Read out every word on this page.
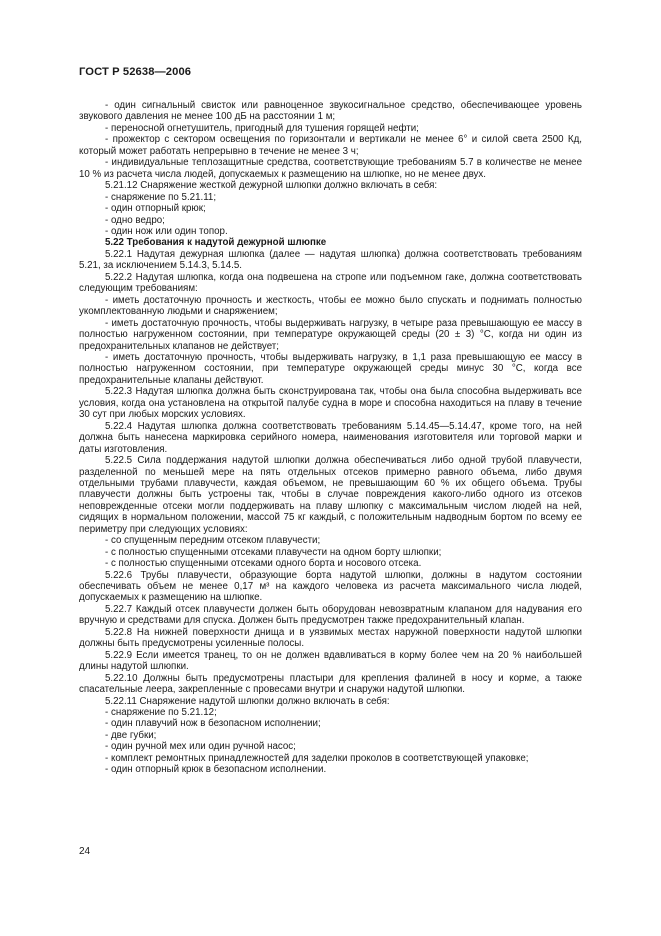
ГОСТ Р 52638—2006

- один сигнальный свисток или равноценное звукосигнальное средство, обеспечивающее уровень звукового давления не менее 100 дБ на расстоянии 1 м;

- переносной огнетушитель, пригодный для тушения горящей нефти;

- прожектор с сектором освещения по горизонтали и вертикали не менее 6° и силой света 2500 Кд, который может работать непрерывно в течение не менее 3 ч;

- индивидуальные теплозащитные средства, соответствующие требованиям 5.7 в количестве не менее 10 % из расчета числа людей, допускаемых к размещению на шлюпке, но не менее двух.

5.21.12 Снаряжение жесткой дежурной шлюпки должно включать в себя:

- снаряжение по 5.21.11;

- один отпорный крюк;

- одно ведро;

- один нож или один топор.

5.22 Требования к надутой дежурной шлюпке

5.22.1 Надутая дежурная шлюпка (далее — надутая шлюпка) должна соответствовать требованиям 5.21, за исключением 5.14.3, 5.14.5.

5.22.2 Надутая шлюпка, когда она подвешена на стропе или подъемном гаке, должна соответствовать следующим требованиям:

- иметь достаточную прочность и жесткость, чтобы ее можно было спускать и поднимать полностью укомплектованную людьми и снаряжением;

- иметь достаточную прочность, чтобы выдерживать нагрузку, в четыре раза превышающую ее массу в полностью нагруженном состоянии, при температуре окружающей среды (20 ± 3) °С, когда ни один из предохранительных клапанов не действует;

- иметь достаточную прочность, чтобы выдерживать нагрузку, в 1,1 раза превышающую ее массу в полностью нагруженном состоянии, при температуре окружающей среды минус 30 °С, когда все предохранительные клапаны действуют.

5.22.3 Надутая шлюпка должна быть сконструирована так, чтобы она была способна выдерживать все условия, когда она установлена на открытой палубе судна в море и способна находиться на плаву в течение 30 сут при любых морских условиях.

5.22.4 Надутая шлюпка должна соответствовать требованиям 5.14.45—5.14.47, кроме того, на ней должна быть нанесена маркировка серийного номера, наименования изготовителя или торговой марки и даты изготовления.

5.22.5 Сила поддержания надутой шлюпки должна обеспечиваться либо одной трубой плавучести, разделенной по меньшей мере на пять отдельных отсеков примерно равного объема, либо двумя отдельными трубами плавучести, каждая объемом, не превышающим 60 % их общего объема. Трубы плавучести должны быть устроены так, чтобы в случае повреждения какого-либо одного из отсеков неповрежденные отсеки могли поддерживать на плаву шлюпку с максимальным числом людей на ней, сидящих в нормальном положении, массой 75 кг каждый, с положительным надводным бортом по всему ее периметру при следующих условиях:

- со спущенным передним отсеком плавучести;

- с полностью спущенными отсеками плавучести на одном борту шлюпки;

- с полностью спущенными отсеками одного борта и носового отсека.

5.22.6 Трубы плавучести, образующие борта надутой шлюпки, должны в надутом состоянии обеспечивать объем не менее 0,17 м³ на каждого человека из расчета максимального числа людей, допускаемых к размещению на шлюпке.

5.22.7 Каждый отсек плавучести должен быть оборудован невозвратным клапаном для надувания его вручную и средствами для спуска. Должен быть предусмотрен также предохранительный клапан.

5.22.8 На нижней поверхности днища и в уязвимых местах наружной поверхности надутой шлюпки должны быть предусмотрены усиленные полосы.

5.22.9 Если имеется транец, то он не должен вдавливаться в корму более чем на 20 % наибольшей длины надутой шлюпки.

5.22.10 Должны быть предусмотрены пластыри для крепления фалиней в носу и корме, а также спасательные леера, закрепленные с провесами внутри и снаружи надутой шлюпки.

5.22.11 Снаряжение надутой шлюпки должно включать в себя:

- снаряжение по 5.21.12;

- один плавучий нож в безопасном исполнении;

- две губки;

- один ручной мех или один ручной насос;

- комплект ремонтных принадлежностей для заделки проколов в соответствующей упаковке;

- один отпорный крюк в безопасном исполнении.

24
